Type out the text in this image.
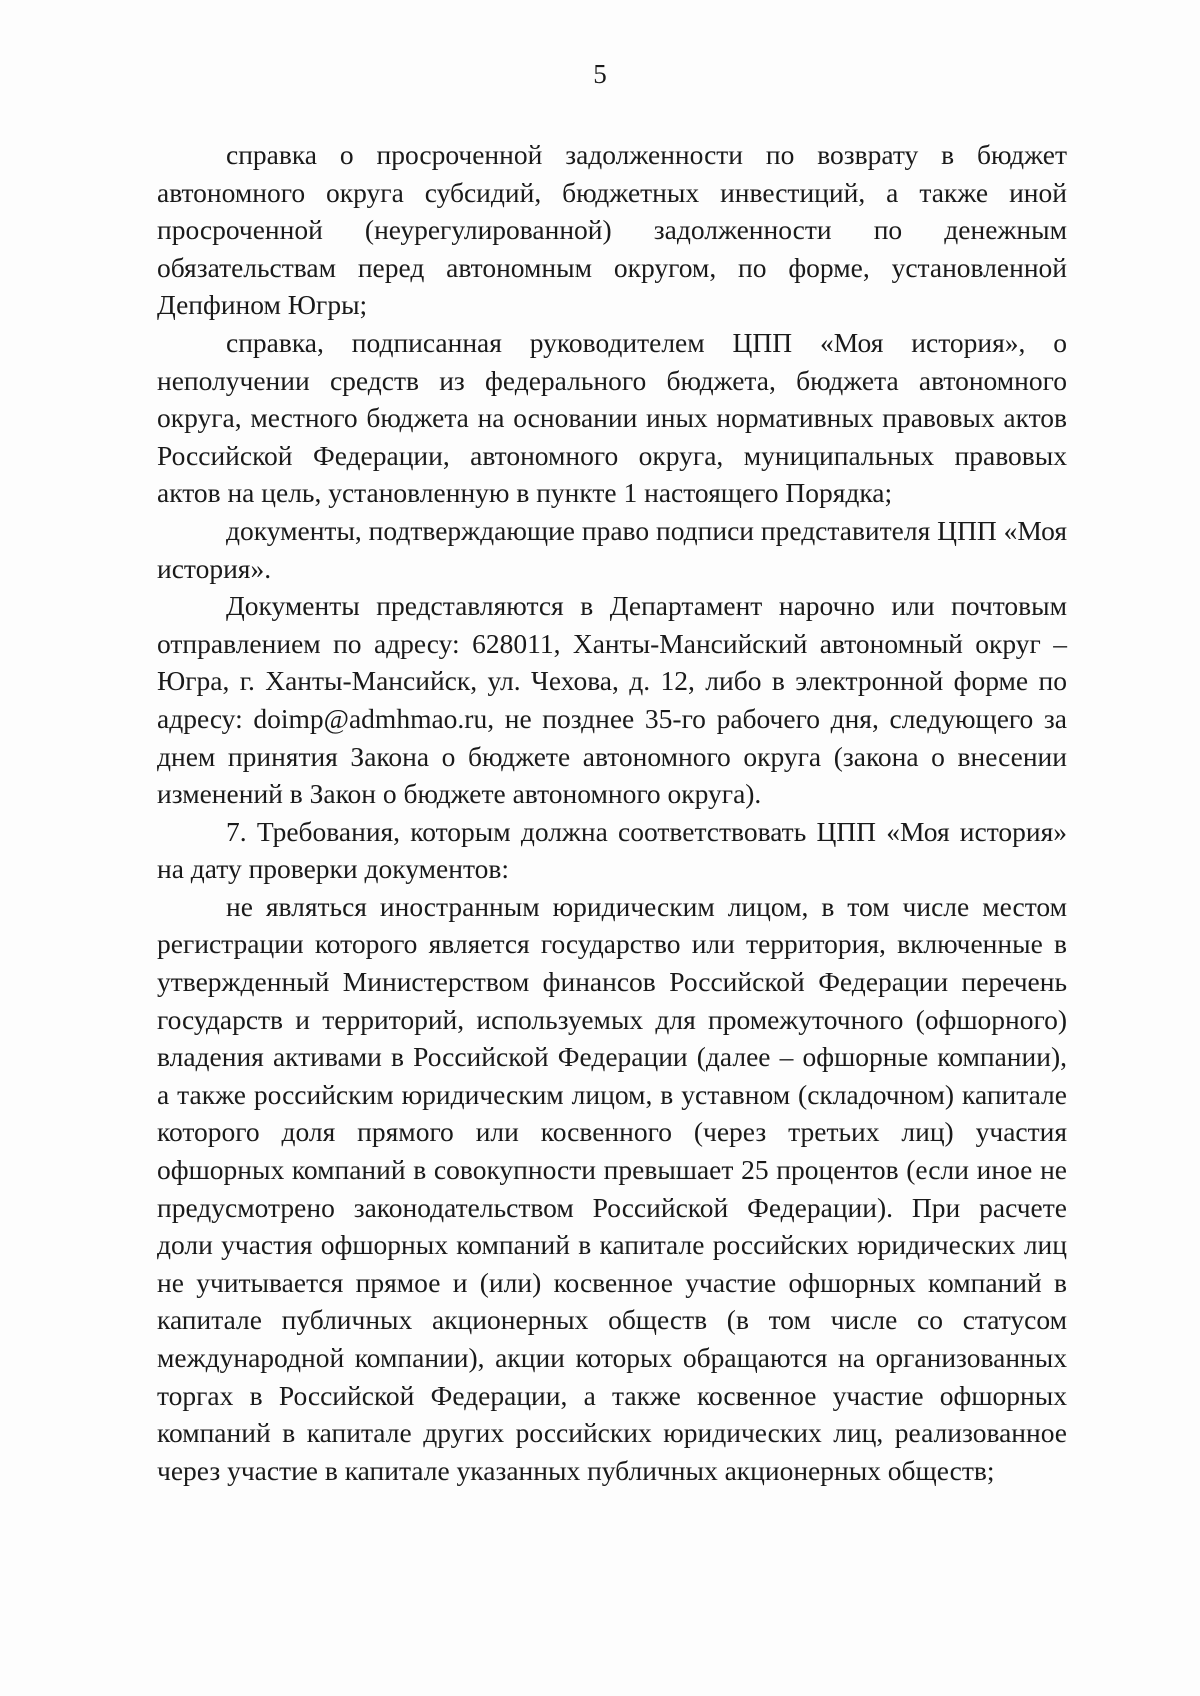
5

справка о просроченной задолженности по возврату в бюджет автономного округа субсидий, бюджетных инвестиций, а также иной просроченной (неурегулированной) задолженности по денежным обязательствам перед автономным округом, по форме, установленной Депфином Югры;

справка, подписанная руководителем ЦПП «Моя история», о неполучении средств из федерального бюджета, бюджета автономного округа, местного бюджета на основании иных нормативных правовых актов Российской Федерации, автономного округа, муниципальных правовых актов на цель, установленную в пункте 1 настоящего Порядка;

документы, подтверждающие право подписи представителя ЦПП «Моя история».

Документы представляются в Департамент нарочно или почтовым отправлением по адресу: 628011, Ханты-Мансийский автономный округ – Югра, г. Ханты-Мансийск, ул. Чехова, д. 12, либо в электронной форме по адресу: doimp@admhmao.ru, не позднее 35-го рабочего дня, следующего за днем принятия Закона о бюджете автономного округа (закона о внесении изменений в Закон о бюджете автономного округа).

7. Требования, которым должна соответствовать ЦПП «Моя история» на дату проверки документов:

не являться иностранным юридическим лицом, в том числе местом регистрации которого является государство или территория, включенные в утвержденный Министерством финансов Российской Федерации перечень государств и территорий, используемых для промежуточного (офшорного) владения активами в Российской Федерации (далее – офшорные компании), а также российским юридическим лицом, в уставном (складочном) капитале которого доля прямого или косвенного (через третьих лиц) участия офшорных компаний в совокупности превышает 25 процентов (если иное не предусмотрено законодательством Российской Федерации). При расчете доли участия офшорных компаний в капитале российских юридических лиц не учитывается прямое и (или) косвенное участие офшорных компаний в капитале публичных акционерных обществ (в том числе со статусом международной компании), акции которых обращаются на организованных торгах в Российской Федерации, а также косвенное участие офшорных компаний в капитале других российских юридических лиц, реализованное через участие в капитале указанных публичных акционерных обществ;
